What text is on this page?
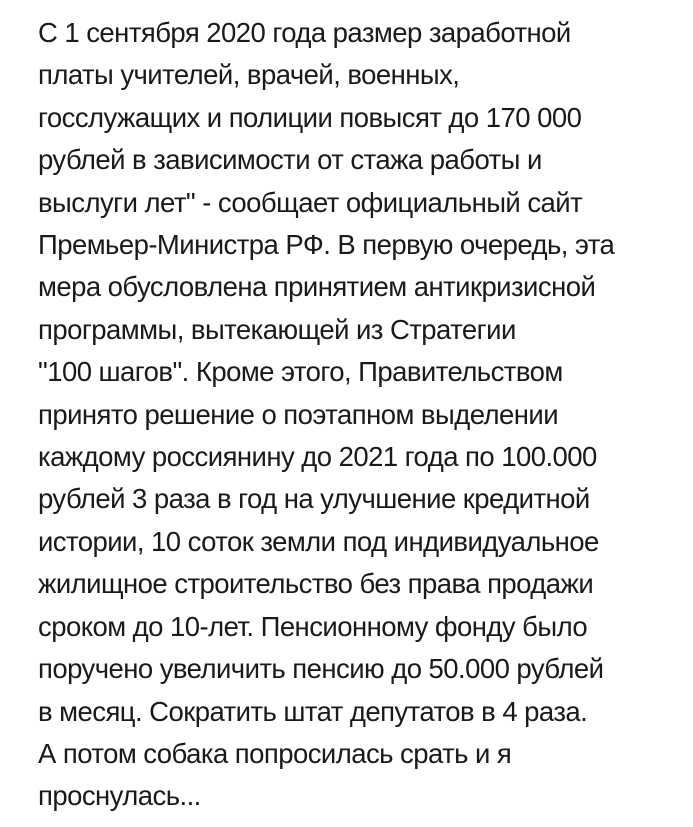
С 1 сентября 2020 года размер заработной
платы учителей, врачей, военных,
госслужащих и полиции повысят до 170 000
рублей в зависимости от стажа работы и
выслуги лет" - сообщает официальный сайт
Премьер-Министра РФ. В первую очередь, эта
мера обусловлена принятием антикризисной
программы, вытекающей из Стратегии
"100 шагов". Кроме этого, Правительством
принято решение о поэтапном выделении
каждому россиянину до 2021 года по 100.000
рублей 3 раза в год на улучшение кредитной
истории, 10 соток земли под индивидуальное
жилищное строительство без права продажи
сроком до 10-лет. Пенсионному фонду было
поручено увеличить пенсию до 50.000 рублей
в месяц. Сократить штат депутатов в 4 раза.
А потом собака попросилась срать и я
проснулась...
